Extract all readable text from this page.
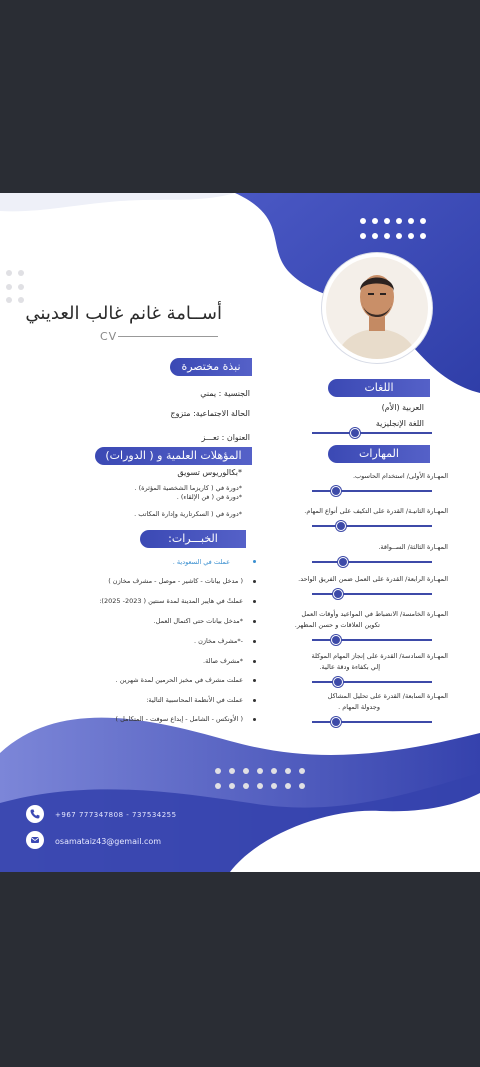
أســامة غانم غالب العديني
CV
نبذة مختصرة
الجنسية : يمني
الحالة الاجتماعية: متزوج
العنوان : تعـــز
المؤهلات العلمية و ( الدورات)
*بكالوريوس تسويق
*دورة في ( كاريزما الشخصية المؤثرة) .
*دورة فن ( فن الإلقاء) .
*دورة في ( السكرتارية وإدارة المكاتب .
الخبـــرات:
عملت في السعودية .
( مدخل بيانات - كاشير - موصل - مشرف مخازن )
عملتُ في هايبر المدينة لمدة سنتين ( 2023- 2025):
*مدخل بيانات حتى اكتمال العمل.
-*مشرف مخازن .
*مشرف صالة.
عملت مشرف في مخبز الحرمين لمدة شهرين .
عملت في الأنظمة المحاسبية التالية:
( الأونكس - الشامل - إبداع سوفت - المتكامل )
اللغات
العربية (الأم)
اللغة الإنجليزية
المهارات
المهـارة الأولى/ استخدام الحاسوب.
المهـارة الثانيـة/ القدرة على التكيف على أنواع المهام.
المهـارة الثالثة/ الســواقة.
المهـارة الرابعة/ القدرة على العمل ضمن الفريق الواحد.
المهـارة الخامسة/ الانضباط في المواعيد وأوقات العمل
تكوين العلاقات و حسن المظهر.
المهـارة السادسة/ القدرة على إنجاز المهام الموكلة
إلي بكفاءة ودقة عالية.
المهـارة السابعة/ القدرة على تحليل المشاكل
وجدولة المهام .
+967 777347808 - 737534255
osamataiz43@gemail.com
